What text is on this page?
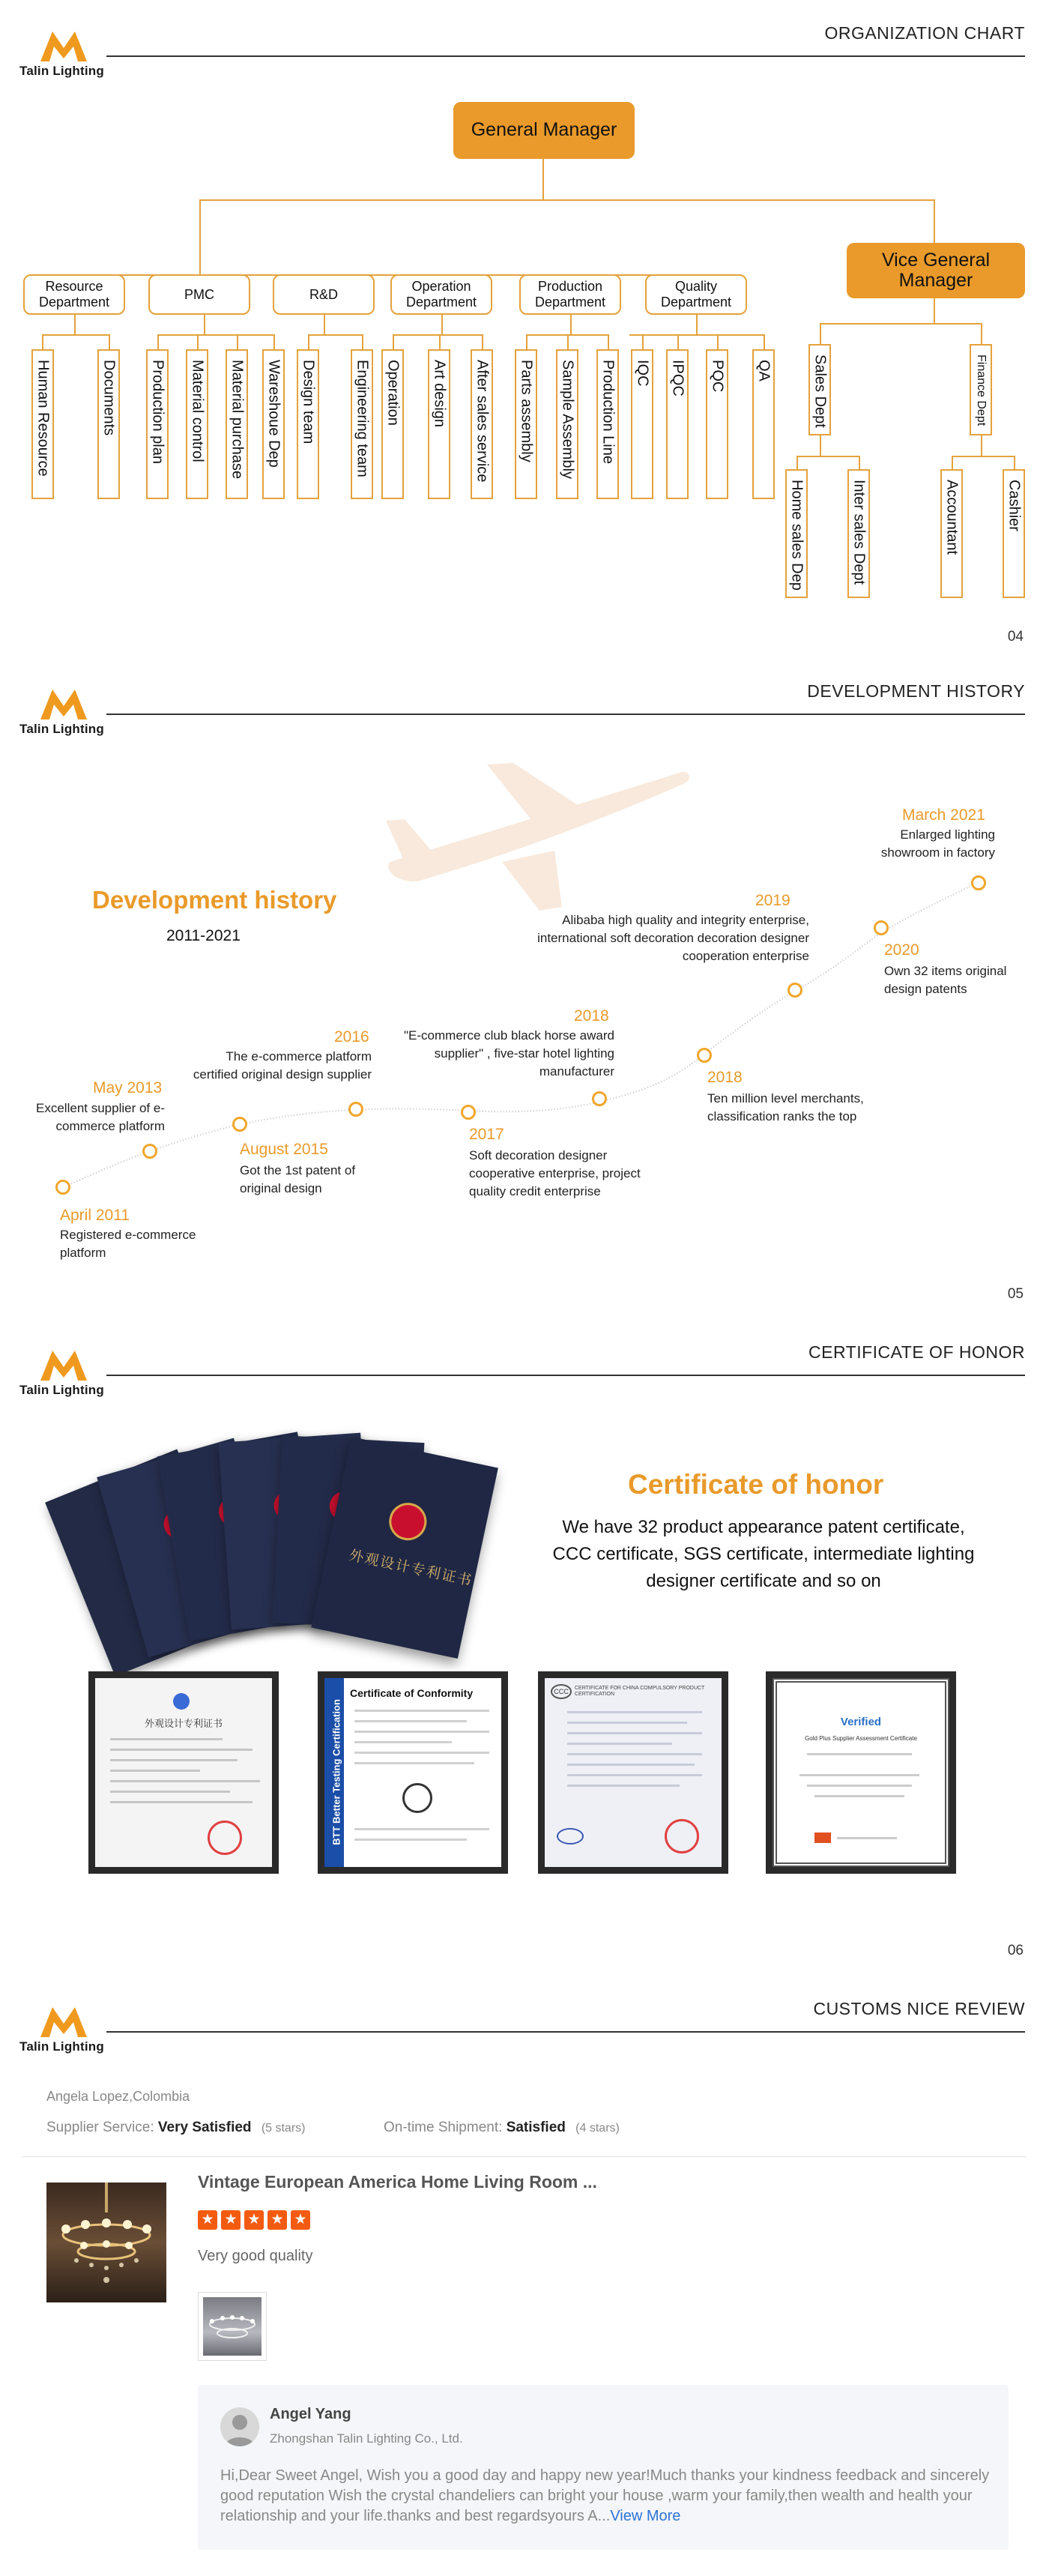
Talin Lighting
ORGANIZATION CHART
General Manager
Vice General Manager
Resource Department
PMC	R&D
Operation Department
Production Department
Quality Department
Human Resource	Documents Production plan Material control Material purchase Wareshoue Dep Design team	Engineering team Operation Art design After sales service Parts assembly Sample Assembly Production Line IQC IPQC PQC QA	Sales Dept	Finance Dept
Home sales Dep	Inter sales Dept	Accountant	Cashier
04
Talin Lighting
DEVELOPMENT HISTORY
Development history
2011-2021
April 2011
Registered e-commerce platform
May 2013
Excellent supplier of e-commerce platform
August 2015
Got the 1st patent of original design
2016
The e-commerce platform certified original design supplier
2017
Soft decoration designer cooperative enterprise, project quality credit enterprise
2018
"E-commerce club black horse award supplier" , five-star hotel lighting manufacturer	2018
Ten million level merchants, classification ranks the top
2019
Alibaba high quality and integrity enterprise, international soft decoration decoration designer cooperation enterprise	2020
Own 32 items original design patents
March 2021
Enlarged lighting showroom in factory
05
Talin Lighting
CERTIFICATE OF HONOR
外观设计专利证书
Certificate of honor
We have 32 product appearance patent certificate, CCC certificate, SGS certificate, intermediate lighting designer certificate and so on
外观设计专利证书	BTT Better Testing Certification
Certificate of Conformity	CCC	CERTIFICATE FOR CHINA COMPULSORY PRODUCT CERTIFICATION
Verified
Gold Plus Supplier Assessment Certificate
06
Talin Lighting
CUSTOMS NICE REVIEW
Angela Lopez,Colombia
Supplier Service: Very Satisfied (5 stars)	On-time Shipment: Satisfied (4 stars)
Vintage European America Home Living Room ...
★ ★ ★ ★ ★
Very good quality
Angel Yang
Zhongshan Talin Lighting Co., Ltd.
Hi,Dear Sweet Angel, Wish you a good day and happy new year!Much thanks your kindness feedback and sincerely good reputation Wish the crystal chandeliers can bright your house ,warm your family,then wealth and health your relationship and your life.thanks and best regardsyours A...View More
